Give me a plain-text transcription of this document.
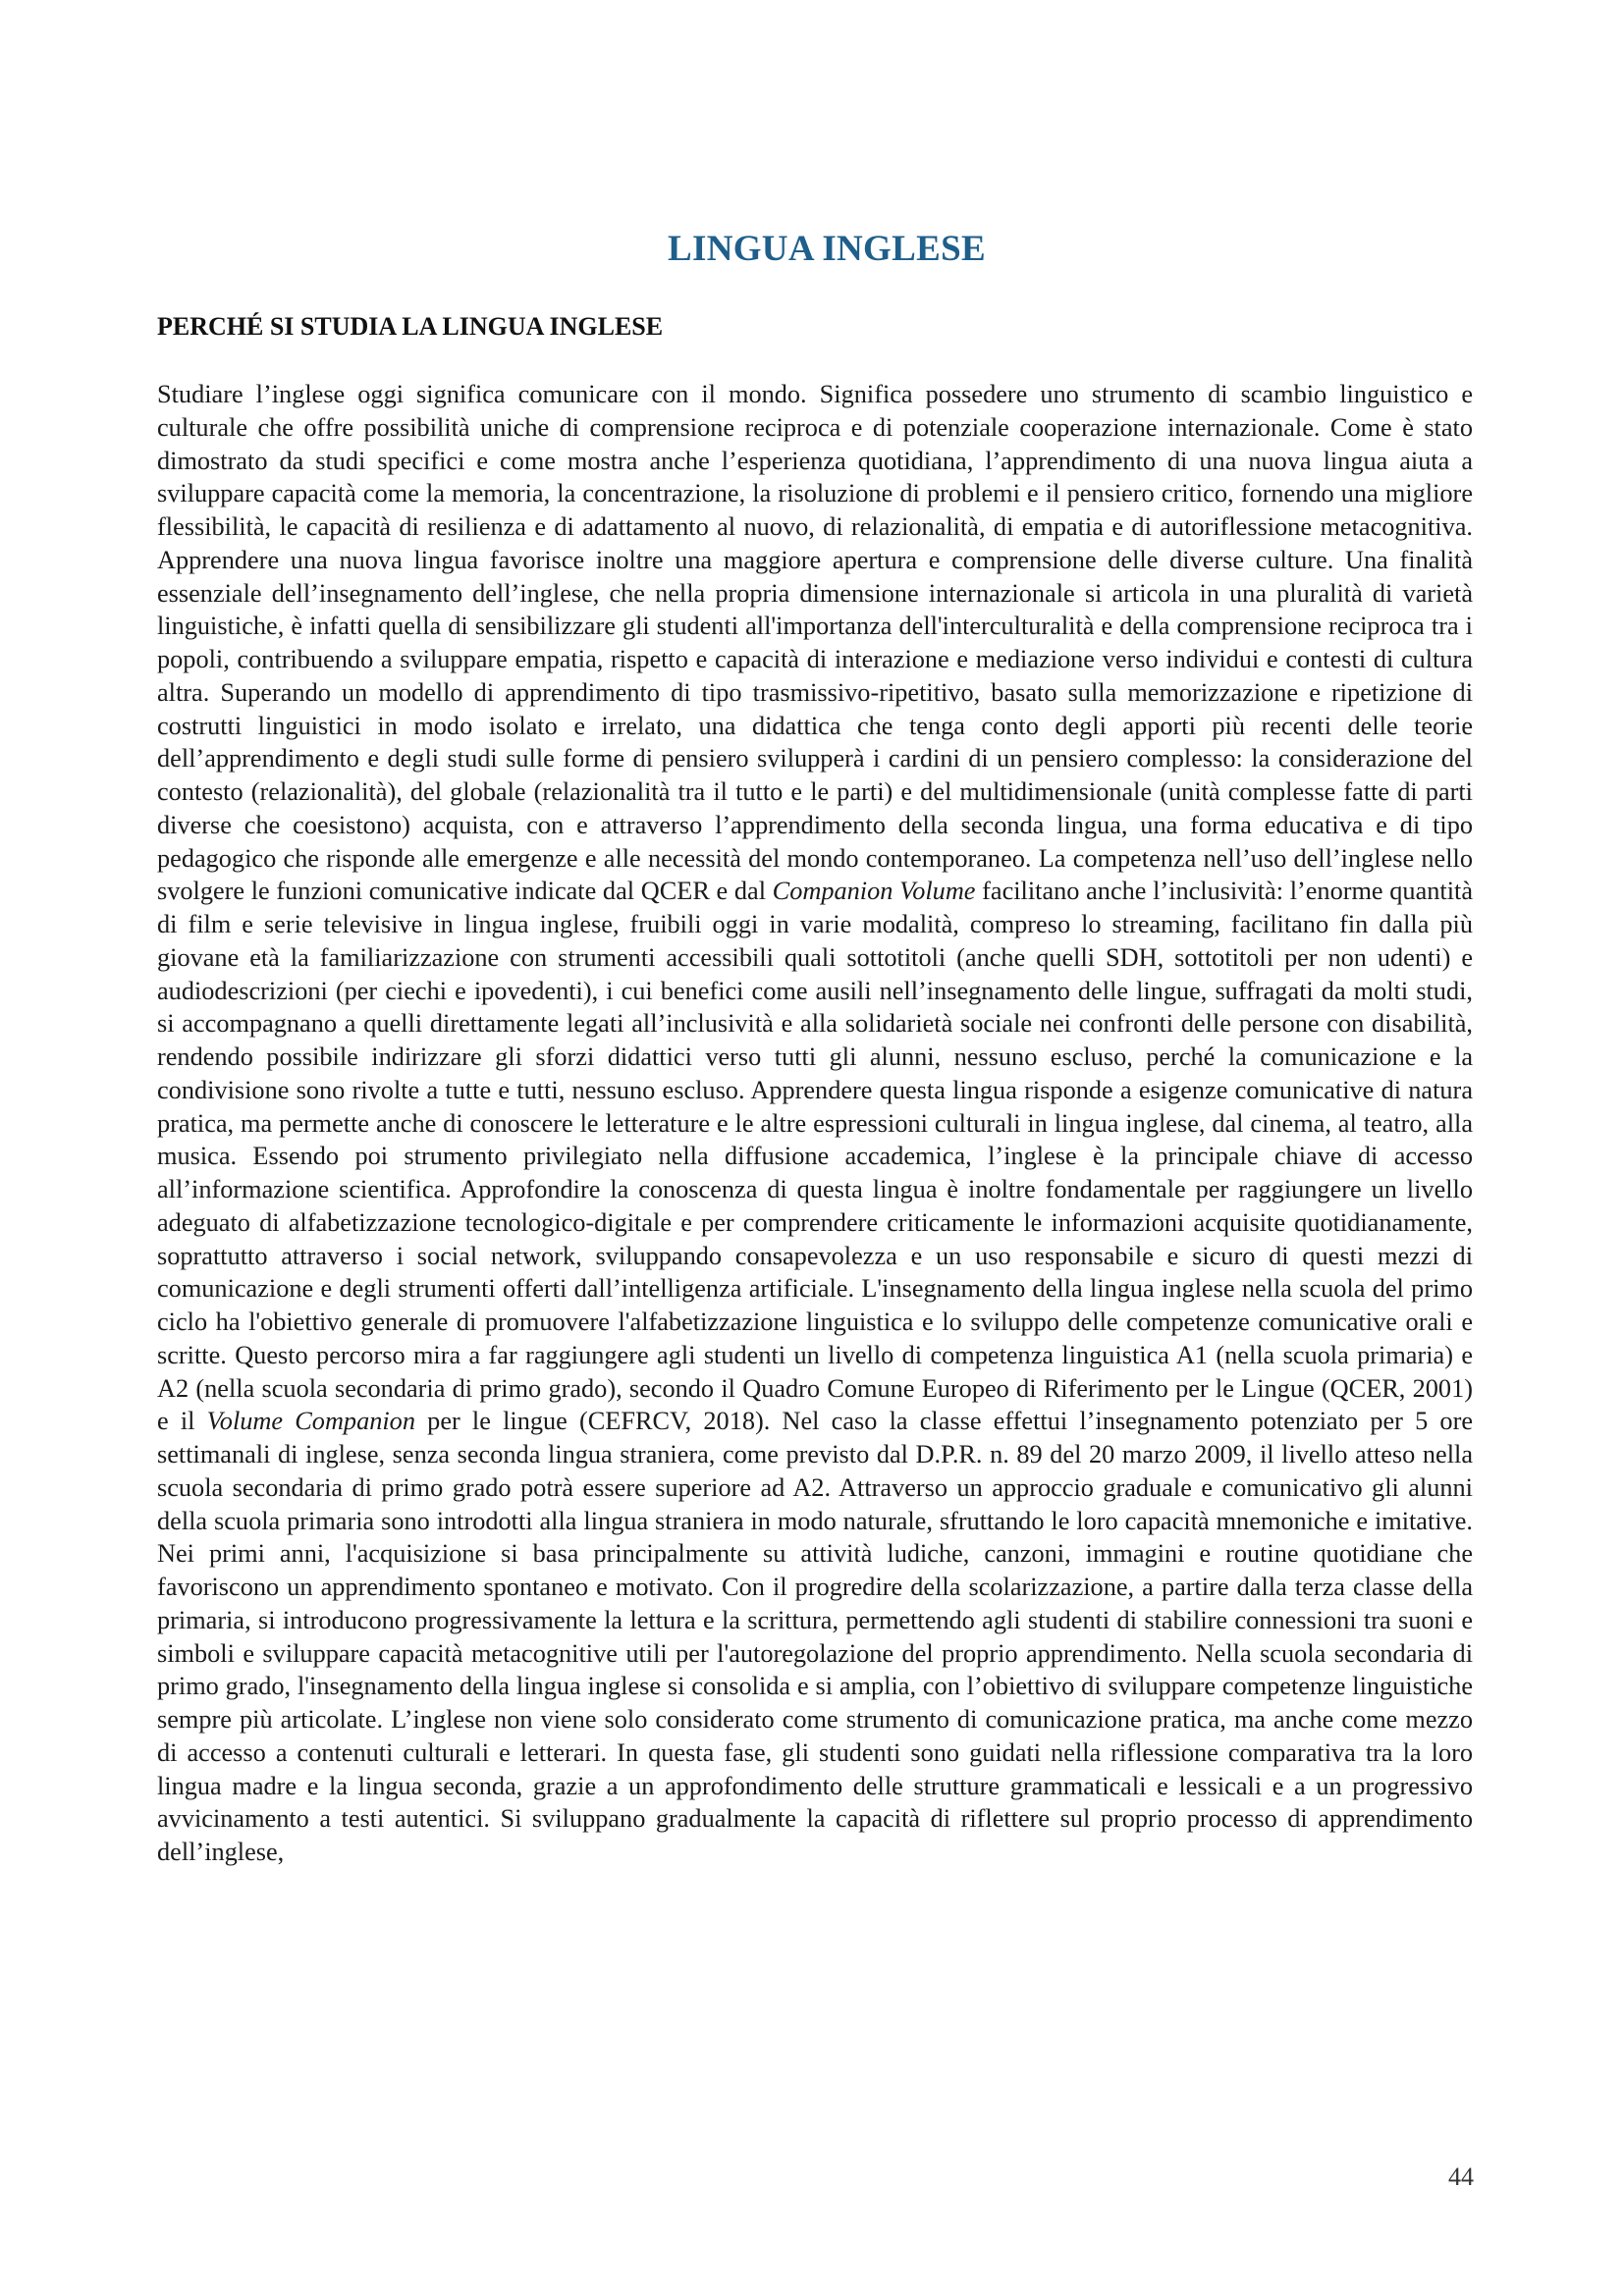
LINGUA INGLESE
PERCHÉ SI STUDIA LA LINGUA INGLESE

Studiare l’inglese oggi significa comunicare con il mondo. Significa possedere uno strumento di scambio linguistico e culturale che offre possibilità uniche di comprensione reciproca e di potenziale cooperazione internazionale. Come è stato dimostrato da studi specifici e come mostra anche l’esperienza quotidiana, l’apprendimento di una nuova lingua aiuta a sviluppare capacità come la memoria, la concentrazione, la risoluzione di problemi e il pensiero critico, fornendo una migliore flessibilità, le capacità di resilienza e di adattamento al nuovo, di relazionalità, di empatia e di autoriflessione metacognitiva. Apprendere una nuova lingua favorisce inoltre una maggiore apertura e comprensione delle diverse culture. Una finalità essenziale dell’insegnamento dell’inglese, che nella propria dimensione internazionale si articola in una pluralità di varietà linguistiche, è infatti quella di sensibilizzare gli studenti all'importanza dell'interculturalità e della comprensione reciproca tra i popoli, contribuendo a sviluppare empatia, rispetto e capacità di interazione e mediazione verso individui e contesti di cultura altra. Superando un modello di apprendimento di tipo trasmissivo-ripetitivo, basato sulla memorizzazione e ripetizione di costrutti linguistici in modo isolato e irrelato, una didattica che tenga conto degli apporti più recenti delle teorie dell’apprendimento e degli studi sulle forme di pensiero svilupperà i cardini di un pensiero complesso: la considerazione del contesto (relazionalità), del globale (relazionalità tra il tutto e le parti) e del multidimensionale (unità complesse fatte di parti diverse che coesistono) acquista, con e attraverso l’apprendimento della seconda lingua, una forma educativa e di tipo pedagogico che risponde alle emergenze e alle necessità del mondo contemporaneo. La competenza nell’uso dell’inglese nello svolgere le funzioni comunicative indicate dal QCER e dal Companion Volume facilitano anche l’inclusività: l’enorme quantità di film e serie televisive in lingua inglese, fruibili oggi in varie modalità, compreso lo streaming, facilitano fin dalla più giovane età la familiarizzazione con strumenti accessibili quali sottotitoli (anche quelli SDH, sottotitoli per non udenti) e audiodescrizioni (per ciechi e ipovedenti), i cui benefici come ausili nell’insegnamento delle lingue, suffragati da molti studi, si accompagnano a quelli direttamente legati all’inclusività e alla solidarietà sociale nei confronti delle persone con disabilità, rendendo possibile indirizzare gli sforzi didattici verso tutti gli alunni, nessuno escluso, perché la comunicazione e la condivisione sono rivolte a tutte e tutti, nessuno escluso. Apprendere questa lingua risponde a esigenze comunicative di natura pratica, ma permette anche di conoscere le letterature e le altre espressioni culturali in lingua inglese, dal cinema, al teatro, alla musica. Essendo poi strumento privilegiato nella diffusione accademica, l’inglese è la principale chiave di accesso all’informazione scientifica. Approfondire la conoscenza di questa lingua è inoltre fondamentale per raggiungere un livello adeguato di alfabetizzazione tecnologico-digitale e per comprendere criticamente le informazioni acquisite quotidianamente, soprattutto attraverso i social network, sviluppando consapevolezza e un uso responsabile e sicuro di questi mezzi di comunicazione e degli strumenti offerti dall’intelligenza artificiale. L'insegnamento della lingua inglese nella scuola del primo ciclo ha l'obiettivo generale di promuovere l'alfabetizzazione linguistica e lo sviluppo delle competenze comunicative orali e scritte. Questo percorso mira a far raggiungere agli studenti un livello di competenza linguistica A1 (nella scuola primaria) e A2 (nella scuola secondaria di primo grado), secondo il Quadro Comune Europeo di Riferimento per le Lingue (QCER, 2001) e il Volume Companion per le lingue (CEFRCV, 2018). Nel caso la classe effettui l’insegnamento potenziato per 5 ore settimanali di inglese, senza seconda lingua straniera, come previsto dal D.P.R. n. 89 del 20 marzo 2009, il livello atteso nella scuola secondaria di primo grado potrà essere superiore ad A2. Attraverso un approccio graduale e comunicativo gli alunni della scuola primaria sono introdotti alla lingua straniera in modo naturale, sfruttando le loro capacità mnemoniche e imitative. Nei primi anni, l'acquisizione si basa principalmente su attività ludiche, canzoni, immagini e routine quotidiane che favoriscono un apprendimento spontaneo e motivato. Con il progredire della scolarizzazione, a partire dalla terza classe della primaria, si introducono progressivamente la lettura e la scrittura, permettendo agli studenti di stabilire connessioni tra suoni e simboli e sviluppare capacità metacognitive utili per l'autoregolazione del proprio apprendimento. Nella scuola secondaria di primo grado, l'insegnamento della lingua inglese si consolida e si amplia, con l’obiettivo di sviluppare competenze linguistiche sempre più articolate. L’inglese non viene solo considerato come strumento di comunicazione pratica, ma anche come mezzo di accesso a contenuti culturali e letterari. In questa fase, gli studenti sono guidati nella riflessione comparativa tra la loro lingua madre e la lingua seconda, grazie a un approfondimento delle strutture grammaticali e lessicali e a un progressivo avvicinamento a testi autentici. Si sviluppano gradualmente la capacità di riflettere sul proprio processo di apprendimento dell’inglese,

44
